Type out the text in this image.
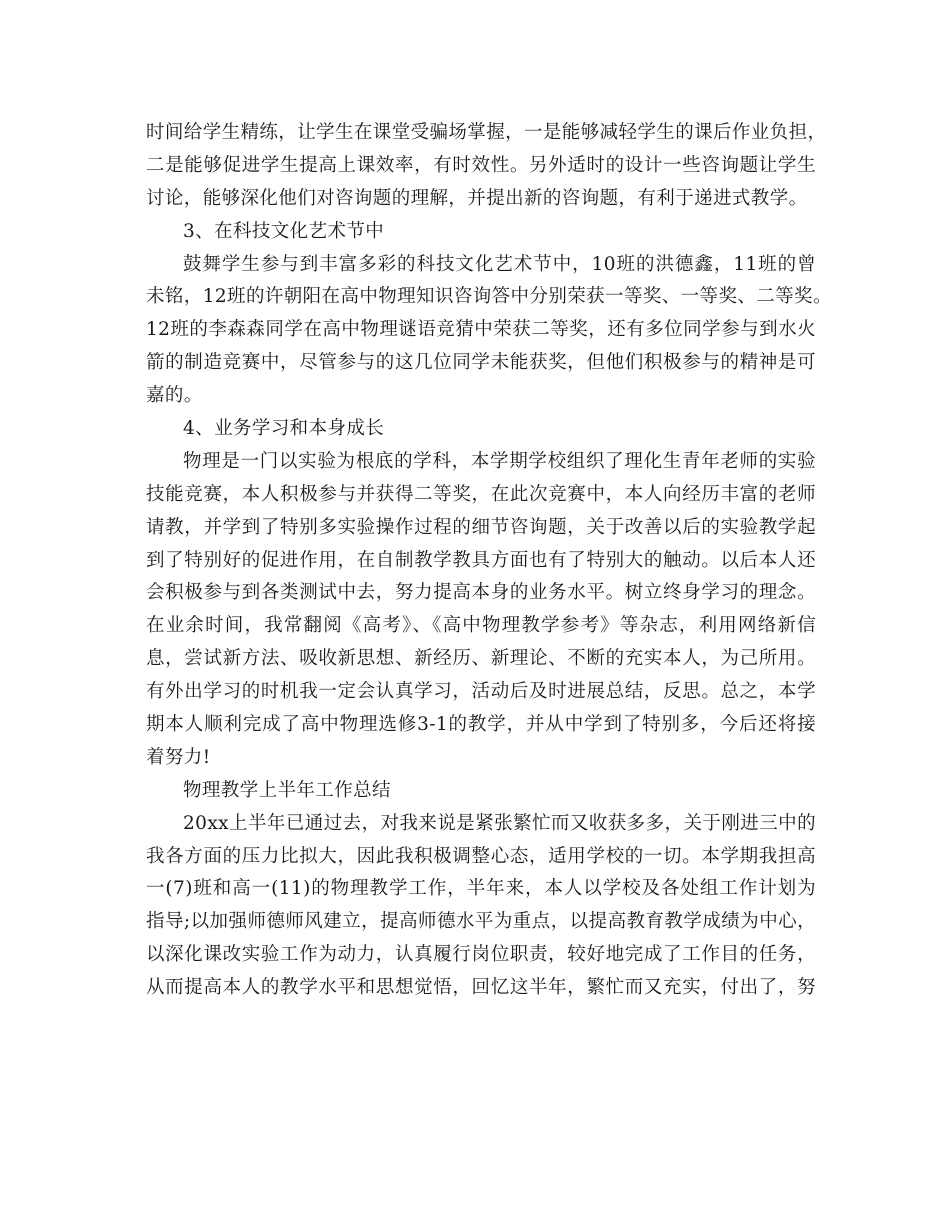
时间给学生精练，让学生在课堂受骗场掌握，一是能够减轻学生的课后作业负担，
二是能够促进学生提高上课效率，有时效性。另外适时的设计一些咨询题让学生
讨论，能够深化他们对咨询题的理解，并提出新的咨询题，有利于递进式教学。
3、在科技文化艺术节中
鼓舞学生参与到丰富多彩的科技文化艺术节中，10班的洪德鑫，11班的曾
未铭，12班的许朝阳在高中物理知识咨询答中分别荣获一等奖、一等奖、二等奖。
12班的李森森同学在高中物理谜语竞猜中荣获二等奖，还有多位同学参与到水火
箭的制造竞赛中，尽管参与的这几位同学未能获奖，但他们积极参与的精神是可
嘉的。
4、业务学习和本身成长
物理是一门以实验为根底的学科，本学期学校组织了理化生青年老师的实验
技能竞赛，本人积极参与并获得二等奖，在此次竞赛中，本人向经历丰富的老师
请教，并学到了特别多实验操作过程的细节咨询题，关于改善以后的实验教学起
到了特别好的促进作用，在自制教学教具方面也有了特别大的触动。以后本人还
会积极参与到各类测试中去，努力提高本身的业务水平。树立终身学习的理念。
在业余时间，我常翻阅《高考》、《高中物理教学参考》等杂志，利用网络新信
息，尝试新方法、吸收新思想、新经历、新理论、不断的充实本人，为己所用。
有外出学习的时机我一定会认真学习，活动后及时进展总结，反思。总之，本学
期本人顺利完成了高中物理选修3-1的教学，并从中学到了特别多，今后还将接
着努力!
物理教学上半年工作总结
20xx上半年已通过去，对我来说是紧张繁忙而又收获多多，关于刚进三中的
我各方面的压力比拟大，因此我积极调整心态，适用学校的一切。本学期我担高
一(7)班和高一(11)的物理教学工作，半年来，本人以学校及各处组工作计划为
指导;以加强师德师风建立，提高师德水平为重点，以提高教育教学成绩为中心，
以深化课改实验工作为动力，认真履行岗位职责，较好地完成了工作目的任务，
从而提高本人的教学水平和思想觉悟，回忆这半年，繁忙而又充实，付出了，努
